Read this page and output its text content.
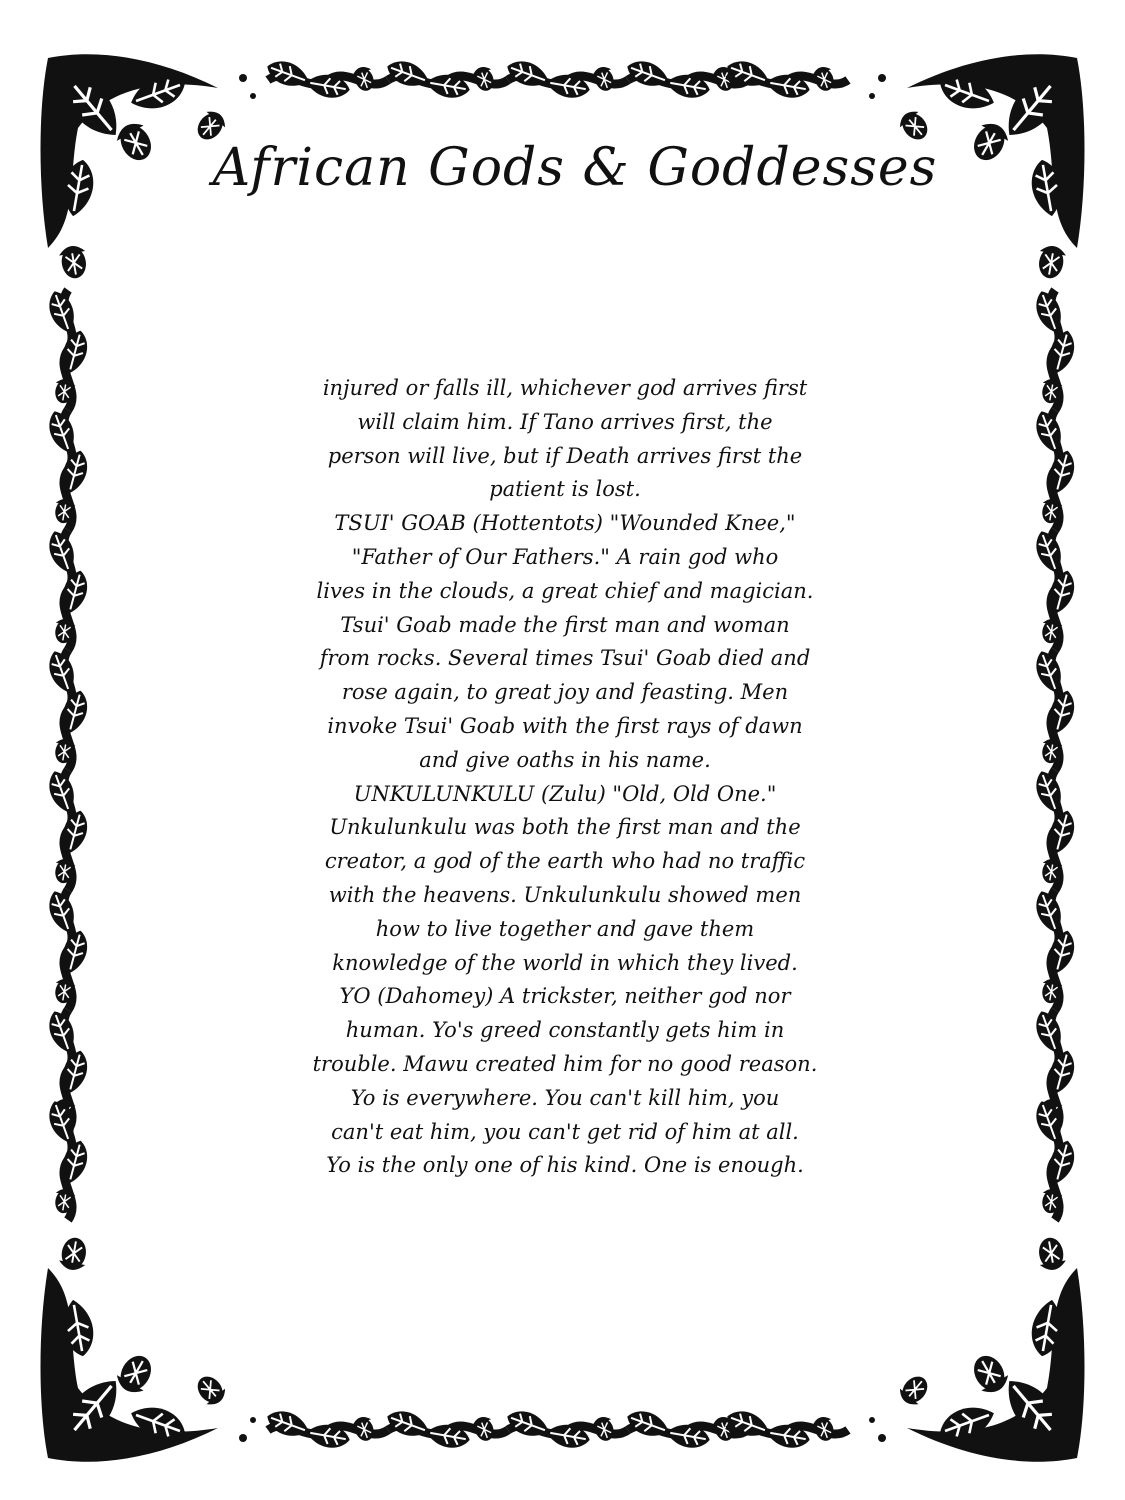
African Gods & Goddesses
injured or falls ill, whichever god arrives first
will claim him. If Tano arrives first, the
person will live, but if Death arrives first the
patient is lost.
TSUI' GOAB (Hottentots) "Wounded Knee,"
"Father of Our Fathers." A rain god who
lives in the clouds, a great chief and magician.
Tsui' Goab made the first man and woman
from rocks. Several times Tsui' Goab died and
rose again, to great joy and feasting. Men
invoke Tsui' Goab with the first rays of dawn
and give oaths in his name.
UNKULUNKULU (Zulu) "Old, Old One."
Unkulunkulu was both the first man and the
creator, a god of the earth who had no traffic
with the heavens. Unkulunkulu showed men
how to live together and gave them
knowledge of the world in which they lived.
YO (Dahomey) A trickster, neither god nor
human. Yo's greed constantly gets him in
trouble. Mawu created him for no good reason.
Yo is everywhere. You can't kill him, you
can't eat him, you can't get rid of him at all.
Yo is the only one of his kind. One is enough.
